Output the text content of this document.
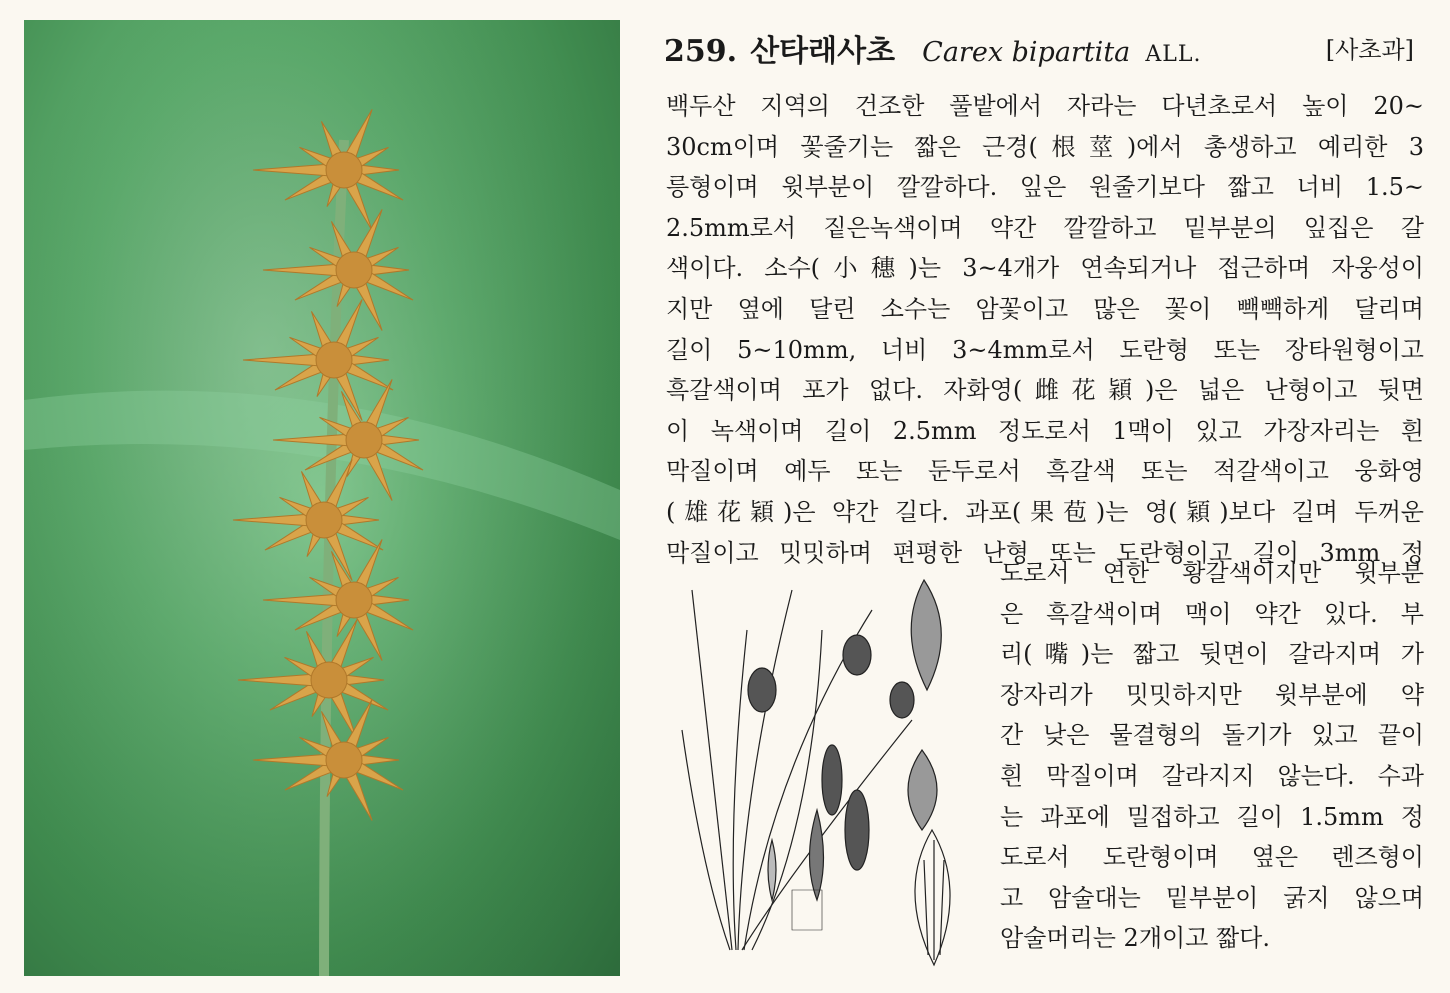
259. 산타래사초 Carex bipartita ALL.	[사초과]
백두산 지역의 건조한 풀밭에서 자라는 다년초로서 높이 20~
30cm이며 꽃줄기는 짧은 근경(根莖)에서 총생하고 예리한 3
릉형이며 윗부분이 깔깔하다. 잎은 원줄기보다 짧고 너비 1.5~
2.5mm로서 짙은녹색이며 약간 깔깔하고 밑부분의 잎집은 갈
색이다. 소수(小穗)는 3~4개가 연속되거나 접근하며 자웅성이
지만 옆에 달린 소수는 암꽃이고 많은 꽃이 빽빽하게 달리며
길이 5~10mm, 너비 3~4mm로서 도란형 또는 장타원형이고
흑갈색이며 포가 없다. 자화영(雌花穎)은 넓은 난형이고 뒷면
이 녹색이며 길이 2.5mm 정도로서 1맥이 있고 가장자리는 흰
막질이며 예두 또는 둔두로서 흑갈색 또는 적갈색이고 웅화영
(雄花穎)은 약간 길다. 과포(果苞)는 영(穎)보다 길며 두꺼운
막질이고 밋밋하며 편평한 난형 또는 도란형이고 길이 3mm 정
도로서 연한 황갈색이지만 윗부분
은 흑갈색이며 맥이 약간 있다. 부
리(嘴)는 짧고 뒷면이 갈라지며 가
장자리가 밋밋하지만 윗부분에 약
간 낮은 물결형의 돌기가 있고 끝이
흰 막질이며 갈라지지 않는다. 수과
는 과포에 밀접하고 길이 1.5mm 정
도로서 도란형이며 옆은 렌즈형이
고 암술대는 밑부분이 굵지 않으며
암술머리는 2개이고 짧다.
